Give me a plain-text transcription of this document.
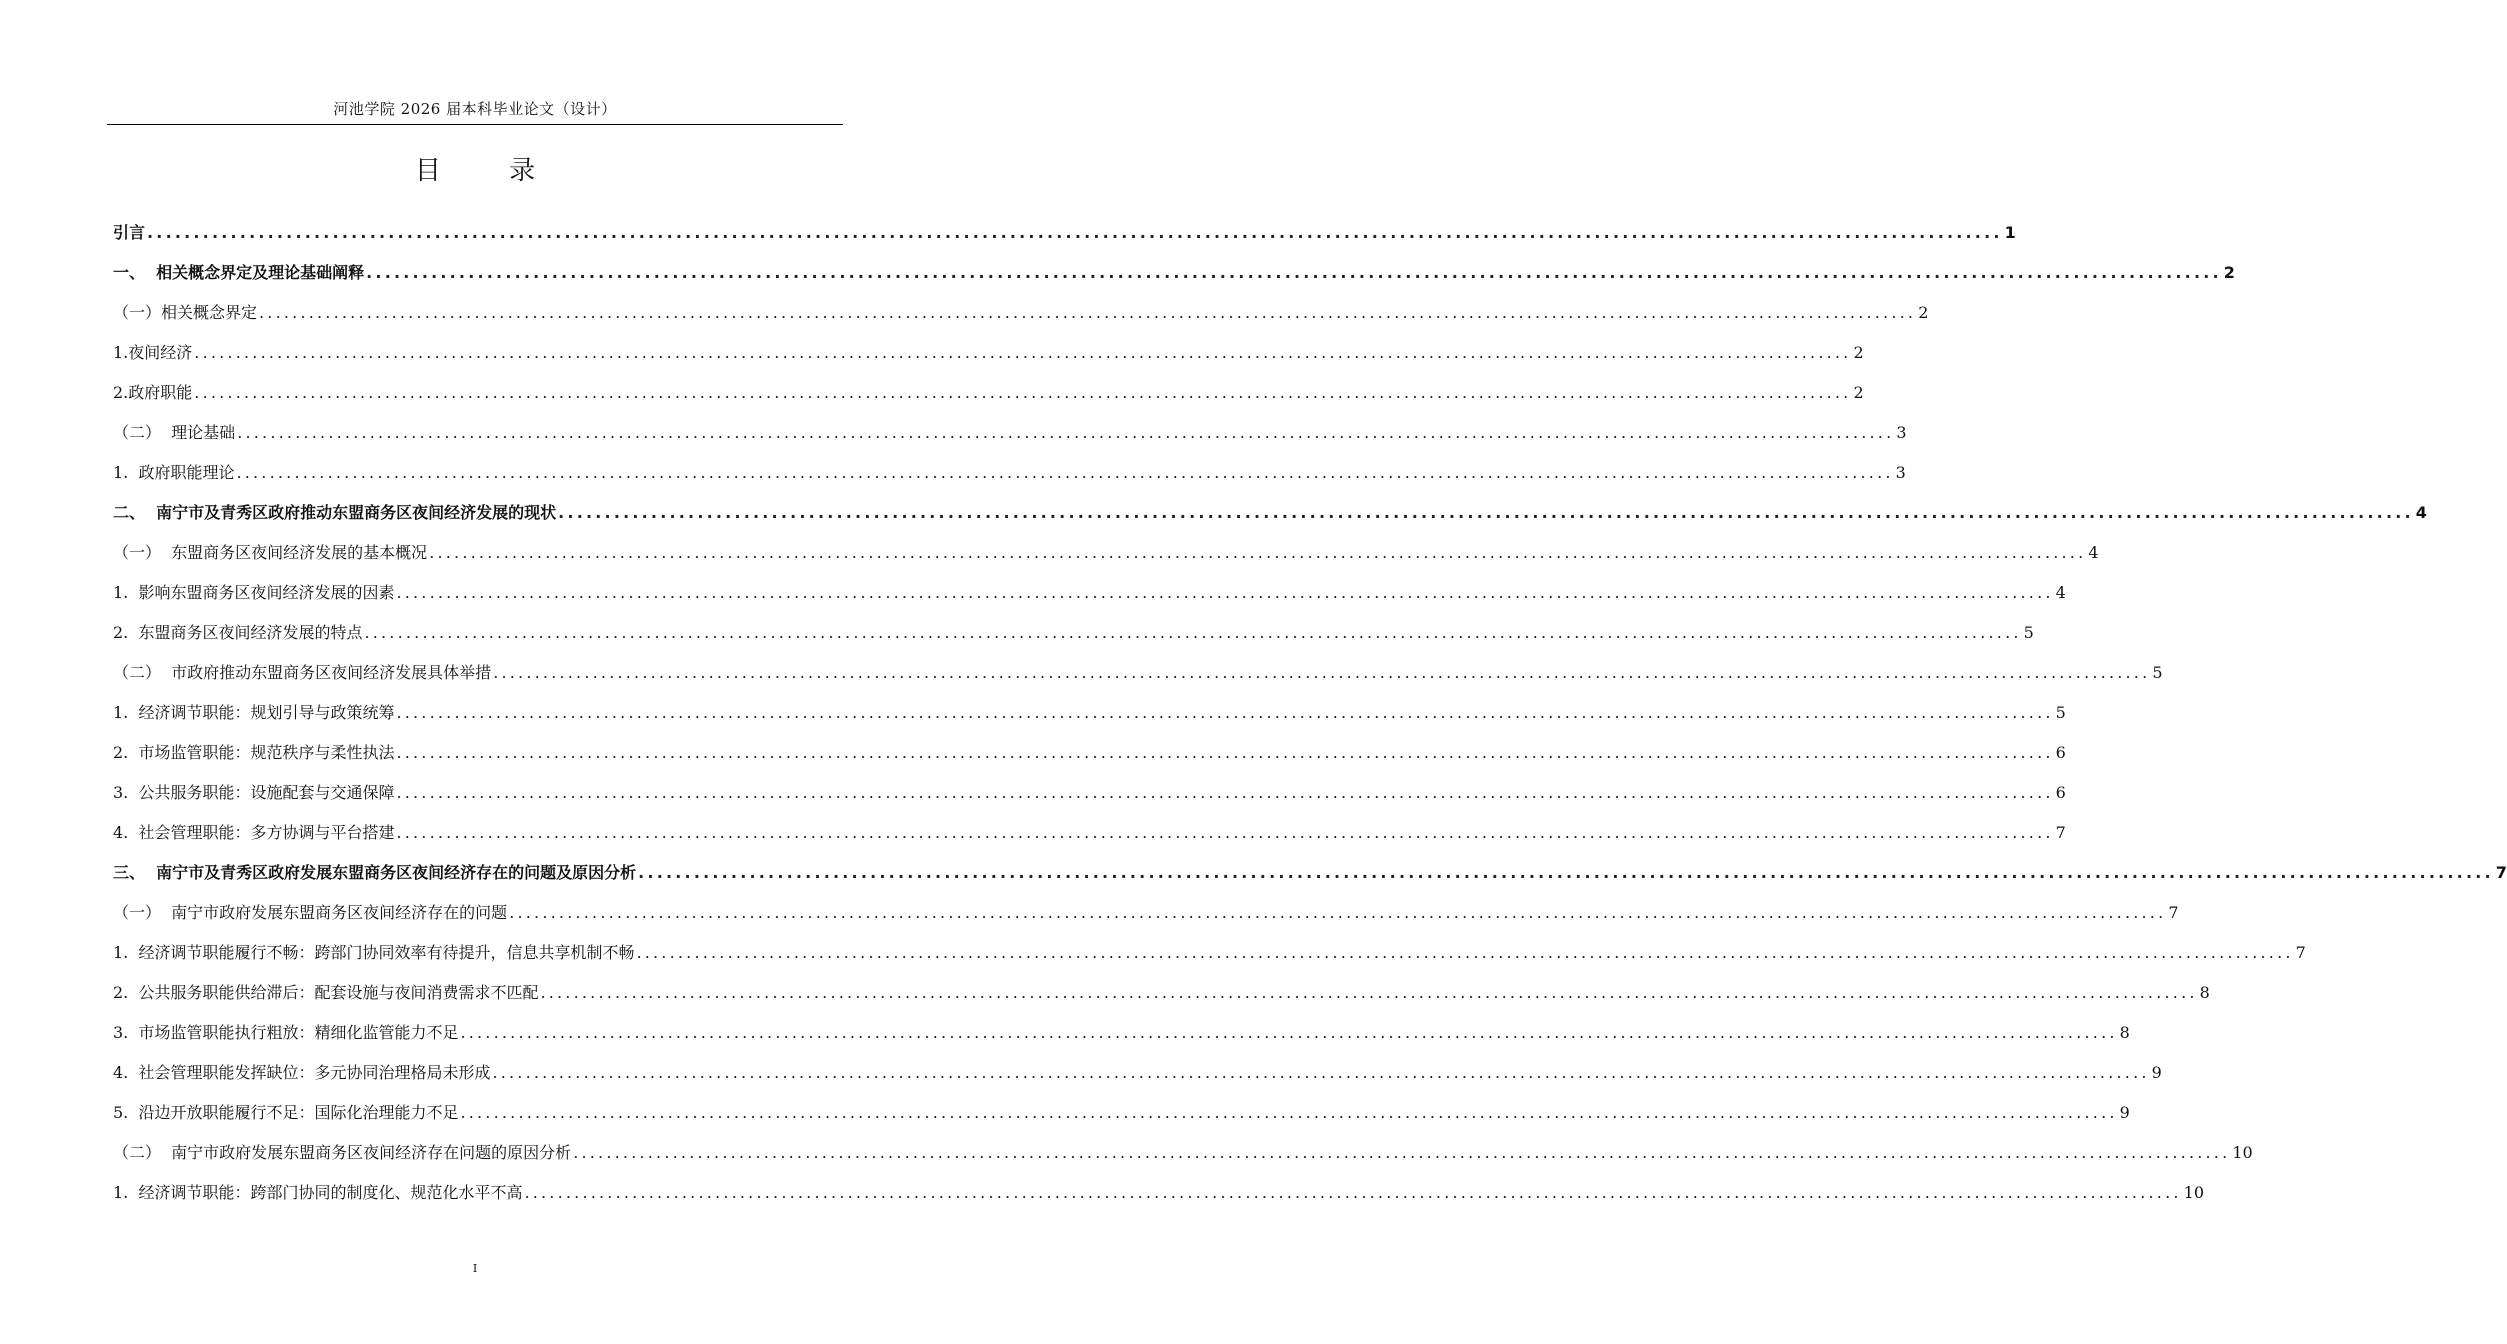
河池学院 2026 届本科毕业论文（设计）
目 录
引言 ........................................................................................................................................................................................................ 1
一、  相关概念界定及理论基础阐释 ........................................................................................................................................................................................................ 2
（一）相关概念界定 ........................................................................................................................................................................................................ 2
1.夜间经济 ........................................................................................................................................................................................................ 2
2.政府职能 ........................................................................................................................................................................................................ 2
（二）  理论基础 ........................................................................................................................................................................................................ 3
1.  政府职能理论 ........................................................................................................................................................................................................ 3
二、  南宁市及青秀区政府推动东盟商务区夜间经济发展的现状 ........................................................................................................................................................................................................ 4
（一）  东盟商务区夜间经济发展的基本概况 ........................................................................................................................................................................................................ 4
1.  影响东盟商务区夜间经济发展的因素 ........................................................................................................................................................................................................ 4
2.  东盟商务区夜间经济发展的特点 ........................................................................................................................................................................................................ 5
（二）  市政府推动东盟商务区夜间经济发展具体举措 ........................................................................................................................................................................................................ 5
1.  经济调节职能：规划引导与政策统筹 ........................................................................................................................................................................................................ 5
2.  市场监管职能：规范秩序与柔性执法 ........................................................................................................................................................................................................ 6
3.  公共服务职能：设施配套与交通保障 ........................................................................................................................................................................................................ 6
4.  社会管理职能：多方协调与平台搭建 ........................................................................................................................................................................................................ 7
三、  南宁市及青秀区政府发展东盟商务区夜间经济存在的问题及原因分析 ........................................................................................................................................................................................................ 7
（一）  南宁市政府发展东盟商务区夜间经济存在的问题 ........................................................................................................................................................................................................ 7
1.  经济调节职能履行不畅：跨部门协同效率有待提升，信息共享机制不畅 ........................................................................................................................................................................................................ 7
2.  公共服务职能供给滞后：配套设施与夜间消费需求不匹配 ........................................................................................................................................................................................................ 8
3.  市场监管职能执行粗放：精细化监管能力不足 ........................................................................................................................................................................................................ 8
4.  社会管理职能发挥缺位：多元协同治理格局未形成 ........................................................................................................................................................................................................ 9
5.  沿边开放职能履行不足：国际化治理能力不足 ........................................................................................................................................................................................................ 9
（二）  南宁市政府发展东盟商务区夜间经济存在问题的原因分析 ........................................................................................................................................................................................................ 10
1.  经济调节职能：跨部门协同的制度化、规范化水平不高 ........................................................................................................................................................................................................ 10
I
